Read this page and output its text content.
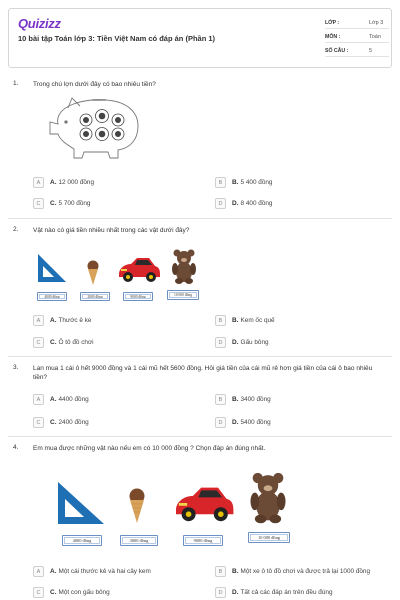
Quizizz
10 bài tập Toán lớp 3: Tiền Việt Nam có đáp án (Phần 1)
LỚP :	Lớp 3
MÔN :	Toán
SỐ CÂU :	5
1. Trong chú lợn dưới đây có bao nhiêu tiền?
A	A. 12 000 đồng	B	B. 5 400 đồng
C	C. 5 700 đồng	D	D. 8 400 đồng
2. Vật nào có giá tiền nhiều nhất trong các vật dưới đây?
4000 đồng	2000 đồng	9000 đồng	10 000 đồng
A	A. Thước ê ke	B	B. Kem ốc quế
C	C. Ô tô đồ chơi	D	D. Gấu bông
3. Lan mua 1 cái ô hết 9000 đồng và 1 cái mũ hết 5600 đồng. Hỏi giá tiền của cái mũ rẻ hơn giá tiền của cái ô bao nhiêu tiền?
A	A. 4400 đồng	B	B. 3400 đồng
C	C. 2400 đồng	D	D. 5400 đồng
4. Em mua được những vật nào nếu em có 10 000 đồng ? Chọn đáp án đúng nhất.
4000 đồng	3000 đồng	9000 đồng
10 000 đồng
A	A. Một cái thước kẻ và hai cây kem	B	B. Một xe ô tô đồ chơi và được trả lại 1000 đồng
C	C. Một con gấu bông	D	D. Tất cả các đáp án trên đều đúng
